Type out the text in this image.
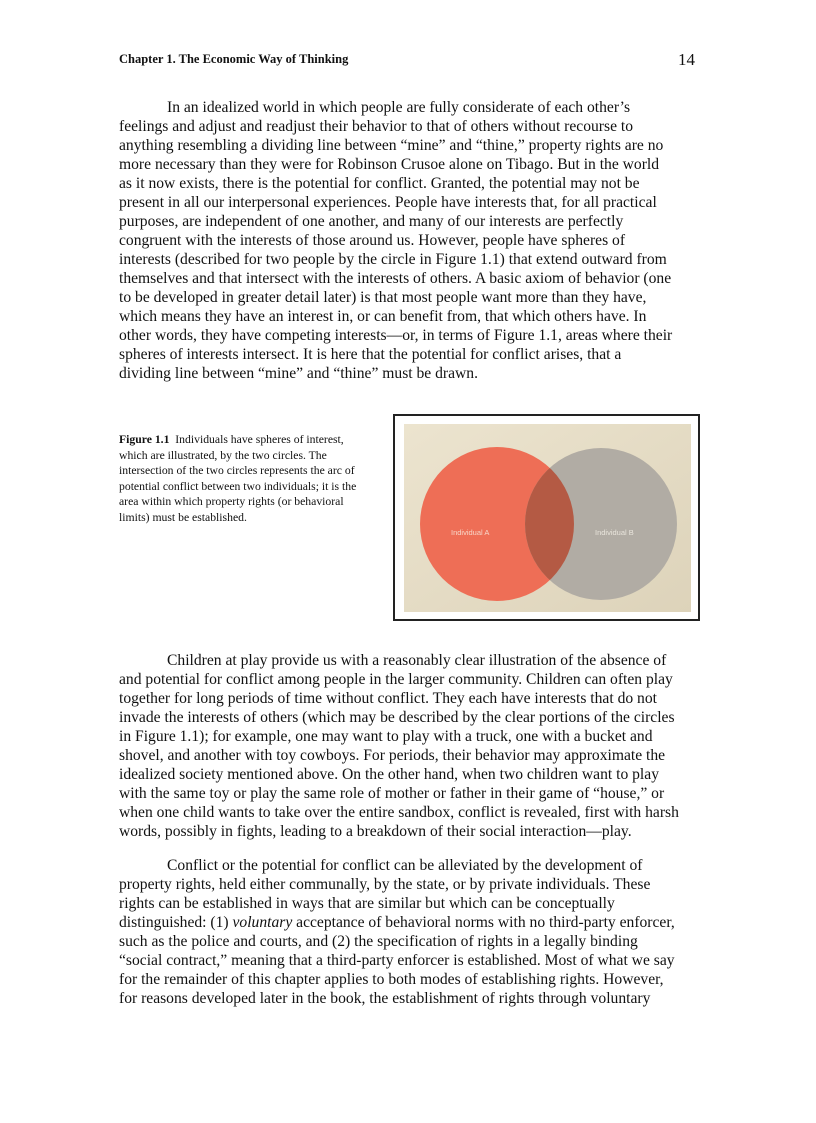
Chapter 1. The Economic Way of Thinking	14
In an idealized world in which people are fully considerate of each other’s
feelings and adjust and readjust their behavior to that of others without recourse to
anything resembling a dividing line between “mine” and “thine,” property rights are no
more necessary than they were for Robinson Crusoe alone on Tibago. But in the world
as it now exists, there is the potential for conflict. Granted, the potential may not be
present in all our interpersonal experiences. People have interests that, for all practical
purposes, are independent of one another, and many of our interests are perfectly
congruent with the interests of those around us. However, people have spheres of
interests (described for two people by the circle in Figure 1.1) that extend outward from
themselves and that intersect with the interests of others. A basic axiom of behavior (one
to be developed in greater detail later) is that most people want more than they have,
which means they have an interest in, or can benefit from, that which others have. In
other words, they have competing interests—or, in terms of Figure 1.1, areas where their
spheres of interests intersect. It is here that the potential for conflict arises, that a
dividing line between “mine” and “thine” must be drawn.
Figure 1.1 Individuals have spheres of interest,
which are illustrated, by the two circles. The
intersection of the two circles represents the arc of
potential conflict between two individuals; it is the
area within which property rights (or behavioral
limits) must be established.
Individual A	Individual B
Children at play provide us with a reasonably clear illustration of the absence of
and potential for conflict among people in the larger community. Children can often play
together for long periods of time without conflict. They each have interests that do not
invade the interests of others (which may be described by the clear portions of the circles
in Figure 1.1); for example, one may want to play with a truck, one with a bucket and
shovel, and another with toy cowboys. For periods, their behavior may approximate the
idealized society mentioned above. On the other hand, when two children want to play
with the same toy or play the same role of mother or father in their game of “house,” or
when one child wants to take over the entire sandbox, conflict is revealed, first with harsh
words, possibly in fights, leading to a breakdown of their social interaction—play.
Conflict or the potential for conflict can be alleviated by the development of
property rights, held either communally, by the state, or by private individuals. These
rights can be established in ways that are similar but which can be conceptually
distinguished: (1) voluntary acceptance of behavioral norms with no third-party enforcer,
such as the police and courts, and (2) the specification of rights in a legally binding
“social contract,” meaning that a third-party enforcer is established. Most of what we say
for the remainder of this chapter applies to both modes of establishing rights. However,
for reasons developed later in the book, the establishment of rights through voluntary
